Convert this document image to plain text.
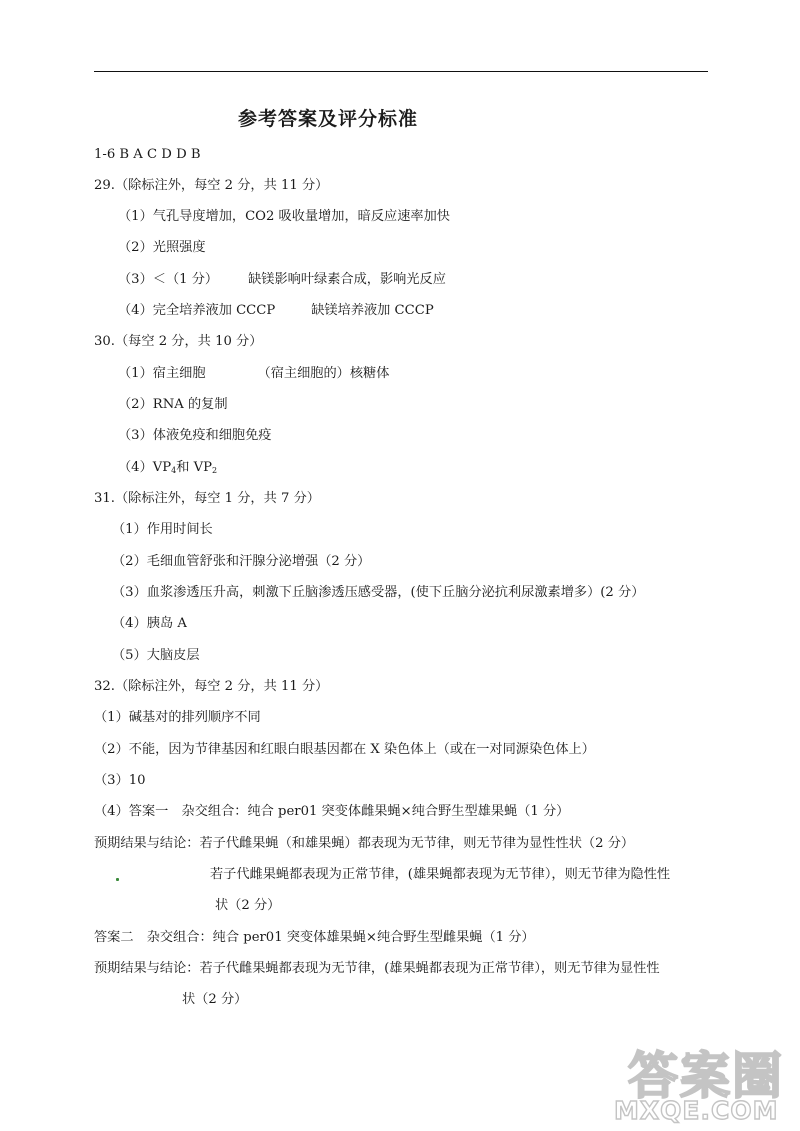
参考答案及评分标准
1-6 B A C D D B
29.（除标注外，每空 2 分，共 11 分）
（1）气孔导度增加，CO2 吸收量增加，暗反应速率加快
（2）光照强度
（3）＜（1 分） 缺镁影响叶绿素合成，影响光反应
（4）完全培养液加 CCCP	缺镁培养液加 CCCP
30.（每空 2 分，共 10 分）
（1）宿主细胞	（宿主细胞的）核糖体
（2）RNA 的复制
（3）体液免疫和细胞免疫
$(4)VP_4$和 $VP_2$
31.（除标注外，每空 1 分，共 7 分）
（1）作用时间长
（2）毛细血管舒张和汗腺分泌增强（2 分）
（3）血浆渗透压升高，刺激下丘脑渗透压感受器，(使下丘脑分泌抗利尿激素增多）(2 分）
（4）胰岛 A
（5）大脑皮层
32.（除标注外，每空 2 分，共 11 分）
（1）碱基对的排列顺序不同
（2）不能，因为节律基因和红眼白眼基因都在 X 染色体上（或在一对同源染色体上）
（3）10
（4）答案一　杂交组合：纯合 per01 突变体雌果蝇×纯合野生型雄果蝇（1 分）
预期结果与结论：若子代雌果蝇（和雄果蝇）都表现为无节律，则无节律为显性性状（2 分）
若子代雌果蝇都表现为正常节律，(雄果蝇都表现为无节律），则无节律为隐性性
状（2 分）
答案二　杂交组合：纯合 per01 突变体雄果蝇×纯合野生型雌果蝇（1 分）
预期结果与结论：若子代雌果蝇都表现为无节律，(雄果蝇都表现为正常节律），则无节律为显性性
状（2 分）
答案圈
MXQE.COM
